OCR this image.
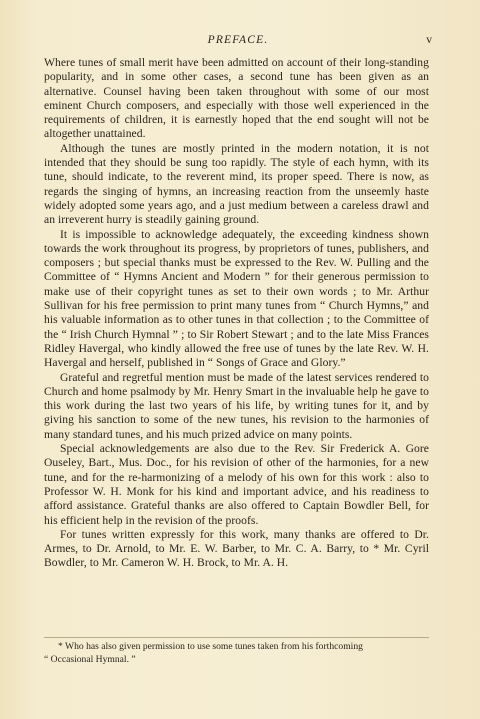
PREFACE.	v

Where tunes of small merit have been admitted on account of their long-standing popularity, and in some other cases, a second tune has been given as an alternative. Counsel having been taken throughout with some of our most eminent Church composers, and especially with those well experienced in the requirements of children, it is earnestly hoped that the end sought will not be altogether unattained.

Although the tunes are mostly printed in the modern notation, it is not intended that they should be sung too rapidly. The style of each hymn, with its tune, should indicate, to the reverent mind, its proper speed. There is now, as regards the singing of hymns, an increasing reaction from the unseemly haste widely adopted some years ago, and a just medium between a careless drawl and an irreverent hurry is steadily gaining ground.

It is impossible to acknowledge adequately, the exceeding kindness shown towards the work throughout its progress, by proprietors of tunes, publishers, and composers ; but special thanks must be expressed to the Rev. W. Pulling and the Committee of “ Hymns Ancient and Modern ” for their generous permission to make use of their copyright tunes as set to their own words ; to Mr. Arthur Sullivan for his free permission to print many tunes from “ Church Hymns,” and his valuable information as to other tunes in that collection ; to the Committee of the “ Irish Church Hymnal ” ; to Sir Robert Stewart ; and to the late Miss Frances Ridley Havergal, who kindly allowed the free use of tunes by the late Rev. W. H. Havergal and herself, published in “ Songs of Grace and Glory.”

Grateful and regretful mention must be made of the latest services rendered to Church and home psalmody by Mr. Henry Smart in the invaluable help he gave to this work during the last two years of his life, by writing tunes for it, and by giving his sanction to some of the new tunes, his revision to the harmonies of many standard tunes, and his much prized advice on many points.

Special acknowledgements are also due to the Rev. Sir Frederick A. Gore Ouseley, Bart., Mus. Doc., for his revision of other of the harmonies, for a new tune, and for the re-harmonizing of a melody of his own for this work : also to Professor W. H. Monk for his kind and important advice, and his readiness to afford assistance. Grateful thanks are also offered to Captain Bowdler Bell, for his efficient help in the revision of the proofs.

For tunes written expressly for this work, many thanks are offered to Dr. Armes, to Dr. Arnold, to Mr. E. W. Barber, to Mr. C. A. Barry, to * Mr. Cyril Bowdler, to Mr. Cameron W. H. Brock, to Mr. A. H.

* Who has also given permission to use some tunes taken from his forthcoming
“ Occasional Hymnal. ”
